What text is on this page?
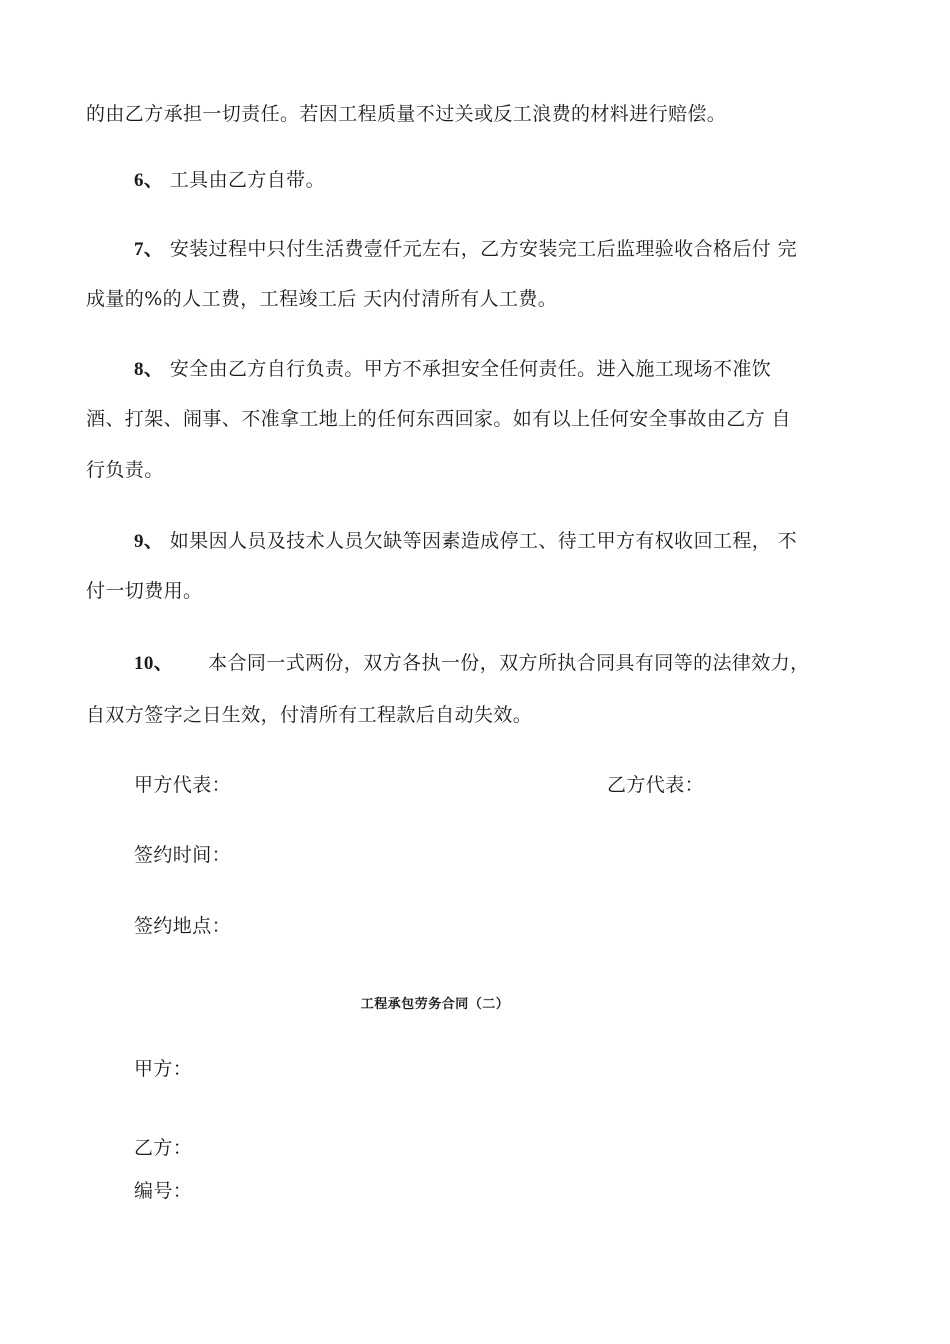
的由乙方承担一切责任。若因工程质量不过关或反工浪费的材料进行赔偿。
6、 工具由乙方自带。
7、 安装过程中只付生活费壹仟元左右，乙方安装完工后监理验收合格后付 完
成量的%的人工费，工程竣工后 天内付清所有人工费。
8、 安全由乙方自行负责。甲方不承担安全任何责任。进入施工现场不准饮
酒、打架、闹事、不准拿工地上的任何东西回家。如有以上任何安全事故由乙方 自
行负责。
9、 如果因人员及技术人员欠缺等因素造成停工、待工甲方有权收回工程， 不
付一切费用。
10、 本合同一式两份，双方各执一份，双方所执合同具有同等的法律效力，
自双方签字之日生效，付清所有工程款后自动失效。
甲方代表：	乙方代表：
签约时间：
签约地点：
工程承包劳务合同（二）
甲方：
乙方：
编号：
